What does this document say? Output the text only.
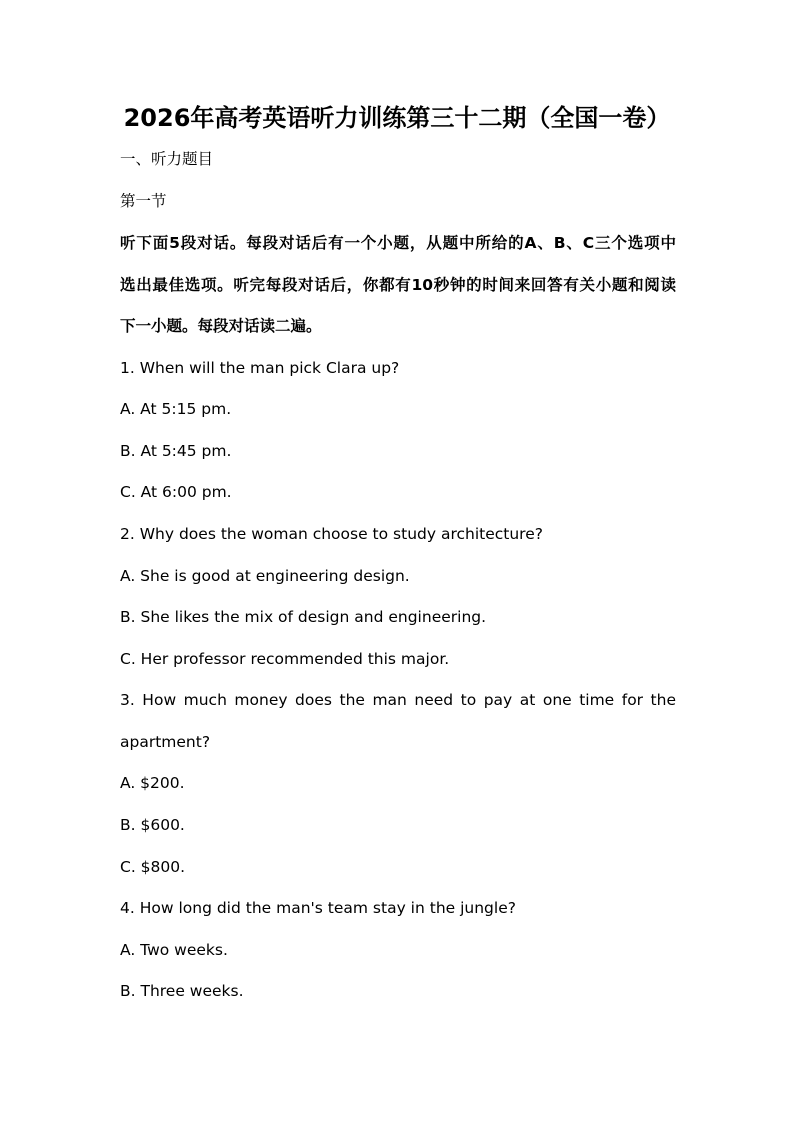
2026年高考英语听力训练第三十二期（全国一卷）
一、听力题目
第一节
听下面5段对话。每段对话后有一个小题，从题中所给的A、B、C三个选项中
选出最佳选项。听完每段对话后，你都有10秒钟的时间来回答有关小题和阅读
下一小题。每段对话读二遍。
1. When will the man pick Clara up?
A. At 5:15 pm.
B. At 5:45 pm.
C. At 6:00 pm.
2. Why does the woman choose to study architecture?
A. She is good at engineering design.
B. She likes the mix of design and engineering.
C. Her professor recommended this major.
3. How much money does the man need to pay at one time for the
apartment?
A. $200.
B. $600.
C. $800.
4. How long did the man's team stay in the jungle?
A. Two weeks.
B. Three weeks.
